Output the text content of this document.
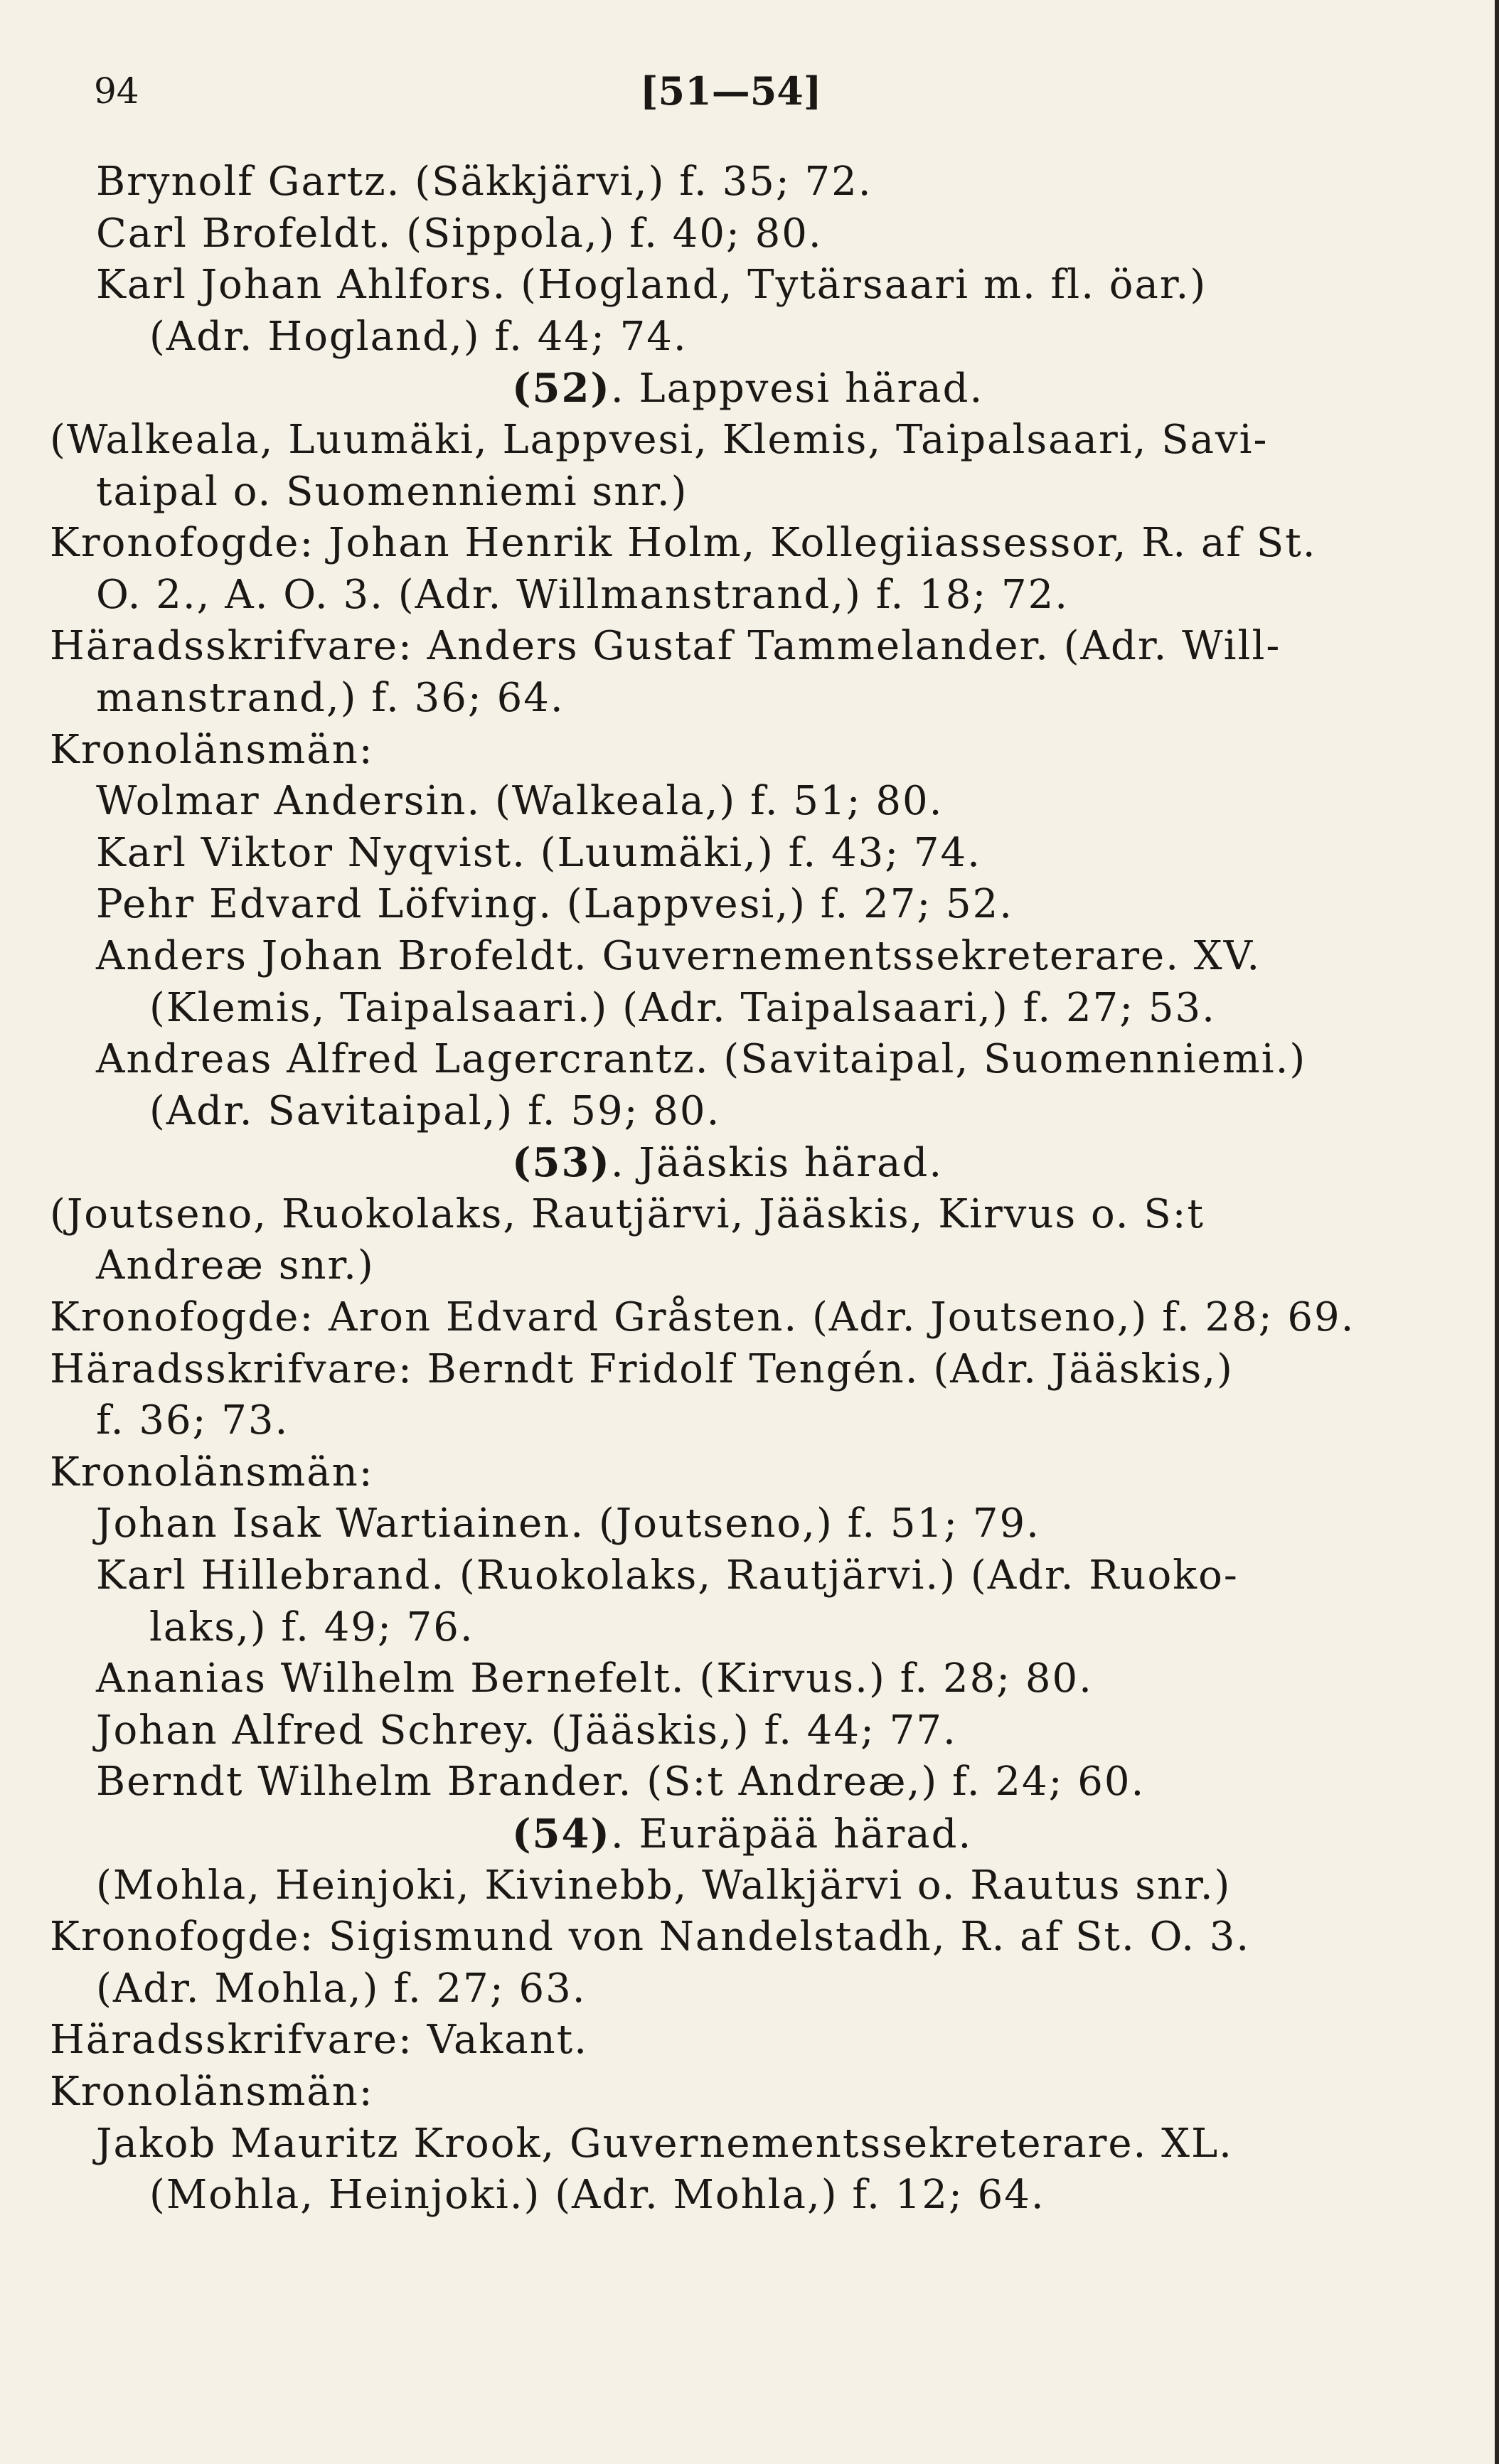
94	[51—54]
Brynolf Gartz. (Säkkjärvi,) f. 35; 72.
Carl Brofeldt. (Sippola,) f. 40; 80.
Karl Johan Ahlfors. (Hogland, Tytärsaari m. fl. öar.)
(Adr. Hogland,) f. 44; 74.
(52). Lappvesi härad.
(Walkeala, Luumäki, Lappvesi, Klemis, Taipalsaari, Savi-
taipal o. Suomenniemi snr.)
Kronofogde: Johan Henrik Holm, Kollegiiassessor, R. af St.
O. 2., A. O. 3. (Adr. Willmanstrand,) f. 18; 72.
Häradsskrifvare: Anders Gustaf Tammelander. (Adr. Will-
manstrand,) f. 36; 64.
Kronolänsmän:
Wolmar Andersin. (Walkeala,) f. 51; 80.
Karl Viktor Nyqvist. (Luumäki,) f. 43; 74.
Pehr Edvard Löfving. (Lappvesi,) f. 27; 52.
Anders Johan Brofeldt. Guvernementssekreterare. XV.
(Klemis, Taipalsaari.) (Adr. Taipalsaari,) f. 27; 53.
Andreas Alfred Lagercrantz. (Savitaipal, Suomenniemi.)
(Adr. Savitaipal,) f. 59; 80.
(53). Jääskis härad.
(Joutseno, Ruokolaks, Rautjärvi, Jääskis, Kirvus o. S:t
Andreæ snr.)
Kronofogde: Aron Edvard Gråsten. (Adr. Joutseno,) f. 28; 69.
Häradsskrifvare: Berndt Fridolf Tengén. (Adr. Jääskis,)
f. 36; 73.
Kronolänsmän:
Johan Isak Wartiainen. (Joutseno,) f. 51; 79.
Karl Hillebrand. (Ruokolaks, Rautjärvi.) (Adr. Ruoko-
laks,) f. 49; 76.
Ananias Wilhelm Bernefelt. (Kirvus.) f. 28; 80.
Johan Alfred Schrey. (Jääskis,) f. 44; 77.
Berndt Wilhelm Brander. (S:t Andreæ,) f. 24; 60.
(54). Euräpää härad.
(Mohla, Heinjoki, Kivinebb, Walkjärvi o. Rautus snr.)
Kronofogde: Sigismund von Nandelstadh, R. af St. O. 3.
(Adr. Mohla,) f. 27; 63.
Häradsskrifvare: Vakant.
Kronolänsmän:
Jakob Mauritz Krook, Guvernementssekreterare. XL.
(Mohla, Heinjoki.) (Adr. Mohla,) f. 12; 64.
